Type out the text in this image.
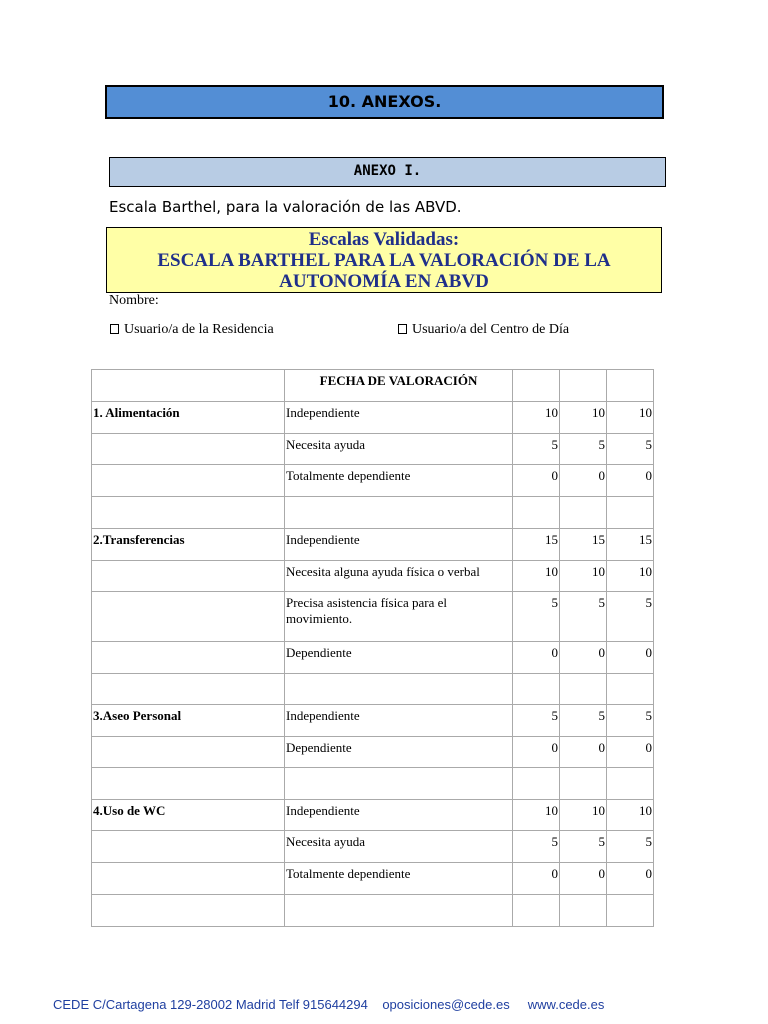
10. ANEXOS.
ANEXO I.
Escala Barthel, para la valoración de las ABVD.
Escalas Validadas:
ESCALA BARTHEL PARA LA VALORACIÓN DE LA
AUTONOMÍA EN ABVD
Nombre:
Usuario/a de la Residencia	Usuario/a del Centro de Día
	FECHA DE VALORACIÓN			
1. Alimentación	Independiente	10	10	10
	Necesita ayuda	5	5	5
	Totalmente dependiente	0	0	0

2.Transferencias	Independiente	15	15	15
	Necesita alguna ayuda física o verbal	10	10	10
	Precisa asistencia física para el movimiento.	5	5	5
	Dependiente	0	0	0

3.Aseo Personal	Independiente	5	5	5
	Dependiente	0	0	0

4.Uso de WC	Independiente	10	10	10
	Necesita ayuda	5	5	5
	Totalmente dependiente	0	0	0

CEDE C/Cartagena 129-28002 Madrid Telf 915644294 oposiciones@cede.es www.cede.es
